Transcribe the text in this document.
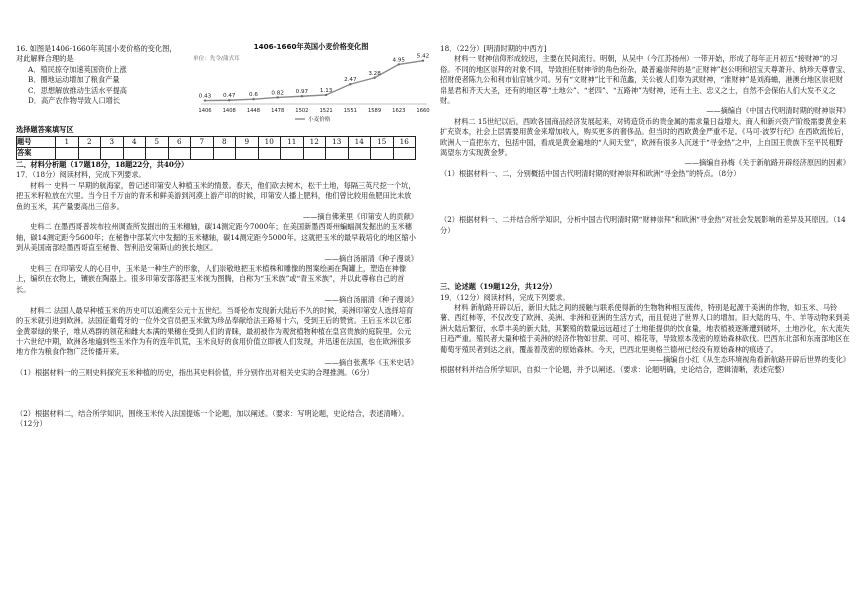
16. 如图是1406-1660年英国小麦价格的变化图，对此解释合理的是

A．殖民掠夺加速英国资价上涨

B．圈地运动增加了粮食产量

C．思想解放推动生活水平提高

D．高产农作物导致人口增长

1406-1660年英国小麦价格变化图
单位：先令/蒲式耳
0.43 0.47 0.6 0.82 0.97 1.13
2.47
3.28
4.95
5.42
1406 1408 1448 1478 1502 1521 1551 1589 1623 1660
小麦价格
选择题答案填写区
题号	1	2	3	4	5	6	7	8	9	10	11	12	13	14	15	16
答案																

二、材料分析题（17题18分，18题22分，共40分）

17．（18分）阅读材料，完成下列要求。

材料一 史料一 早期的航海家，曾记述印第安人种植玉米的情景。春天，他们砍去树木，松干土地，每隔三英尺挖一个坑，把玉米籽粒放在穴里。当今日千万亩的青禾和鲜美游到河漠上游产印的时候，印第安人播上肥料，他们曾比较用鱼肥田比未放鱼的玉米，其产量要高出三倍多。

——摘自佛莱里《印第安人的贡献》

史料二 在墨西哥普埃布拉州调查所发掘出的玉米穗轴，碳14测定距今7000年；在美国新墨西哥州蝙蝠洞发掘出的玉米穗轴，碳14测定距今5600年；在秘鲁中部某穴中发掘的玉米穗轴，碳14测定距今5000年。这就把玉米的最早栽培化的地区缩小到从美国南部经墨西哥直至秘鲁、智利沿安第斯山的狭长地区。

——摘自汤丽清《种子漫谈》

史料三 在印第安人的心目中，玉米是一种生产的形象，人们崇敬地把玉米植株和雕像的图案绘画在陶罐上，塑造在神像上，编织在衣物上，镶嵌在陶器上。很多印第安部落把玉米视为图腾，自称为“玉米族”或“青玉米族”，并以此尊称自己的首长。

——摘自汤丽清《种子漫谈》

材料二 法国人最早种植玉米的历史可以追溯至公元十五世纪。当哥伦布发现新大陆后不久的时候，美洲印第安人选择培育的玉米就引进到欧洲。法国征葡萄牙的一位外交官员把玉米做为珍品奉献给法王路易十六，受到王后的赞赏。王后玉米以它那金黄翠绿的果子，堆从鸡群的领花和雌大本满的果穗在受到人们的青睐，最初被作为观赏植物种植在皇宫贵族的庭院里。公元十六世纪中期，欧洲各地遍到些玉米作为有的连年饥荒，玉米良好的食用价值立即被人们发现，并迅速在法国，也在欧洲很多地方作为粮食作物广泛传播开来。

——摘自张燕华《玉米史话》

（1）根据材料一的三则史料探究玉米种植的历史，指出其史料价值，并分别作出对相关史实的合理推测。（6分）

（2）根据材料二，结合所学知识，围绕玉米传入法国提炼一个论题，加以阐述。（要求：写明论题，史论结合，表述清晰）。（12分）

18．（22分）[明清时期的中西方]

材料一 财神信仰形成较迟，主要在民间流行。明朝，从吴中（今江苏扬州）一带开始，形成了每年正月初五“接财神”的习俗。不同的地区崇拜的对象不同，导致担任财神爷的角色纷杂，最普遍崇拜的是“正财神”赵公明和招宝天尊萧升、纳珍天尊曹宝、招财使者陈九公和利市仙官姚少司。另有“文财神”比干和范蠡，关公被人们奉为武财神，“准财神”是刘海蟾，港澳台地区崇祀财帛星君和齐天大圣，还有的地区尊“土地公”、“老四”、“五路神”为财神，还有土主、忠义之士，自然不会保佑人们大发不义之财。

——摘编自《中国古代明清时期的财神崇拜》

材料二 15世纪以后，西欧各国商品经济发展起来，对铸造货币的贵金属的需求量日益增大。商人和新兴资产阶级需要黄金来扩充资本，社会上层需要用黄金来增加收入，购买更多的奢侈品。但当时的西欧黄金严重不足。《马可·波罗行纪》在西欧流传后，欧洲人一直把东方，包括中国，看成是黄金遍地的“人间天堂”，欧洲有很多人沉迷于“寻金热”之中，上自国王贵族下至平民粗野渴望东方实现黄金梦。

——摘编自孙梅《关于新航路开辟经济原因的因素》

（1）根据材料一、二，分别概括中国古代明清时期的财神崇拜和欧洲“寻金热”的特点。（8分）

（2）根据材料一、二并结合所学知识，分析中国古代明清时期“财神崇拜”和欧洲“寻金热”对社会发展影响的差异及其原因。（14分）

三、论述题（19题12分，共12分）

19．（12分）阅读材料，完成下列要求。

材料 新航路开辟以后，新旧大陆之间的接触与联系使得新的生物物种相互流传，特别是起源于美洲的作物，如玉米、马铃薯、西红柿等，不仅改变了欧洲、美洲、非洲和亚洲的生活方式，而且促进了世界人口的增加。旧大陆的马、牛、羊等动物来到美洲大陆后繁衍，水草丰美的新大陆，其繁殖的数量远远超过了土地能提供的饮食量，地表植被逐渐遭到破坏，土地沙化，东大流失日趋严重。殖民者大量种植于美洲的经济作物如甘蔗、可可、棉花等，导致原本茂密的原始森林砍伐。巴西东北部和东南部地区在葡萄牙殖民者到达之前，覆盖着茂密的原始森林。今天，巴西北里奥格兰德州已经没有原始森林的痕迹了。

——摘编自小红《从生态环境视角看新航路开辟后世界的变化》

根据材料并结合所学知识，自拟一个论题，并予以阐述。（要求：论题明确，史论结合，逻辑清晰，表述完整）
